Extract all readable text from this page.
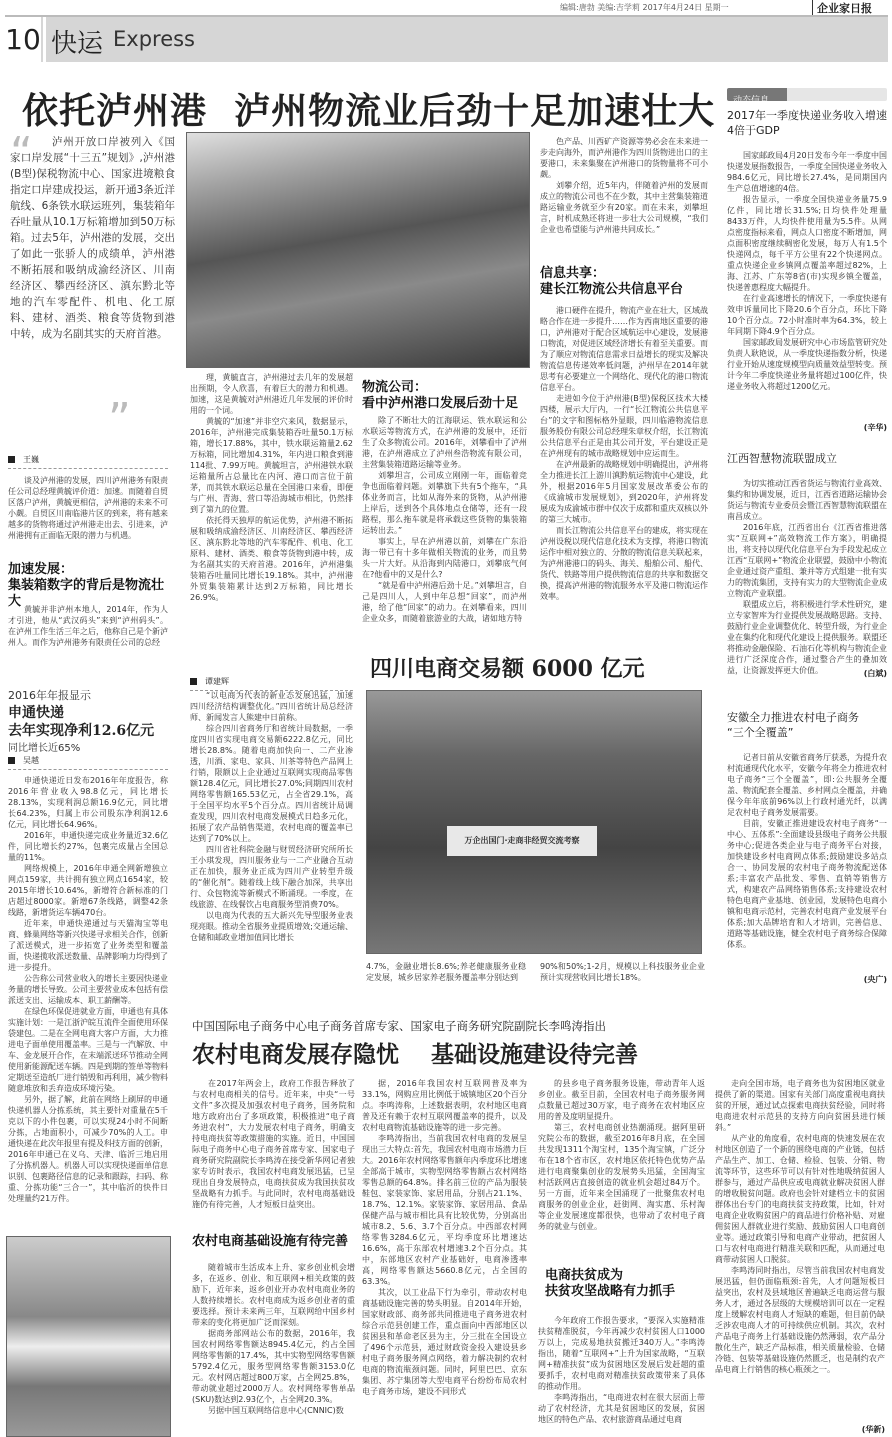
编辑:唐勃 美编:吉学莉 2017年4月24日 星期一	企业家日报
10 快运 Express
依托泸州港  泸州物流业后劲十足加速壮大
“	泸州开放口岸被列入《国家口岸发展“十三五”规划》,泸州港(B型)保税物流中心、国家进境粮食指定口岸建成投运，新开通3条近洋航线、6条铁水联运班列，集装箱年吞吐量从10.1万标箱增加到50万标箱。过去5年，泸州港的发展，交出了如此一张骄人的成绩单，泸州港不断拓展和吸纳成渝经济区、川南经济区、攀西经济区、滇东黔北等地的汽车零配件、机电、化工原料、建材、酒类、粮食等货物到港中转，成为名副其实的天府首港。
”
王巍

谈及泸州港的发展，四川泸州港务有限责任公司总经理黄毓评价道：加速。而随着自贸区落户泸州，黄毓更相信，泸州港的未来不可小觑。自贸区川南临港片区的到来，将有越来越多的货物将通过泸州港走出去、引进来，泸州港拥有正面临无限的潜力与机遇。

加速发展：
集装箱数字的背后是物流壮大

黄毓并非泸州本地人，2014年，作为人才引进，他从“武汉码头”来到“泸州码头”。在泸州工作生活三年之后，他称自己是个新泸州人。而作为泸州港务有限责任公司的总经

理，黄毓直言，泸州港过去几年的发展超出预期，令人欣喜，有着巨大的潜力和机遇。加速，这是黄毓对泸州港近几年发展的评价时用的一个词。

黄毓的“加速”并非空穴来风，数据显示，2016年，泸州港完成集装箱吞吐量50.1万标箱，增长17.88%，其中，铁水联运箱量2.62万标箱，同比增加4.31%，年内进口粮食到港114批、7.99万吨。黄毓坦言，泸州港铁水联运箱量所占总量比在内河、港口而言位于前茅，而其铁水联运总量在全国港口来看，即便与广州、青海、营口等沿海城市相比，仍然排到了第九的位置。

依托得天独厚的航运优势，泸州港不断拓展和吸纳成渝经济区、川南经济区、攀西经济区、滇东黔北等地的汽车零配件、机电、化工原料、建材、酒类、粮食等货物到港中转，成为名副其实的天府首港。2016年，泸州港集装箱吞吐量同比增长19.18%。其中，泸州港外贸集装箱累计达到2万标箱，同比增长26.9%。

物流公司：
看中泸州港口发展后劲十足

除了不断壮大的江海联运、铁水联运和公水联运等物流方式，在泸州港的发展中，还衍生了众多物流公司。2016年，刘攀看中了泸州港，在泸州港成立了泸州叁浩物流有限公司，主营集装箱道路运输等业务。

刘攀坦言，公司成立刚刚一年，面临着竞争也面临着问题。刘攀旗下共有5个拖车，“具体业务而言，比如从海外来的货物，从泸州港上岸后，送到各个具体地点仓储等，还有一段路程，那么拖车就是将承载这些货物的集装箱运转出去。”

事实上，早在泸州港以前，刘攀在广东沿海一带已有十多年做相关物流的业务，而且势头一片大好。从沿海到内陆港口，刘攀底气何在?他看中的又是什么?

“就是看中泸州港后劲十足。”刘攀坦言，自己是四川人，人到中年总想“回家”，而泸州港，给了他“回家”的动力。在刘攀看来，四川企业众多，而随着旅游业的大战，诸如地方特

色产品、川西矿产资源等势必会在未来进一步走向海外，而泸州港作为四川货物进出口的主要港口，未来集聚在泸州港口的货物量将不可小觑。

刘攀介绍，近5年内，伴随着泸州的发展而成立的物流公司也不在少数，其中主营集装箱道路运输业务就至少有20家。而在未来，刘攀坦言，时机成熟还将进一步壮大公司规模，“我们企业也希望能与泸州港共同成长。”

信息共享：
建长江物流公共信息平台

港口硬件在提升，物流产业在壮大，区域战略合作在进一步提升……作为西南地区重要的港口，泸州港对于配合区域航运中心建设，发展港口物流，对促进区域经济增长有着至关重要。而为了顺应对物流信息需求日益增长的现实及解决物流信息传递效率低问题，泸州早在2014年就思考有必要建立一个网络化、现代化的港口物流信息平台。

走进如今位于泸州港(B型)保税区技术大楼四楼，展示大厅内，一行“长江物流公共信息平台”的文字和图标格外显眼，四川临港物流信息服务股份有限公司总经理朱章权介绍，长江物流公共信息平台正是由其公司开发，平台建设正是在泸州现有的城市战略规划中应运而生。

在泸州最新的战略规划中明确提出，泸州将全力推进长江上游川滇黔航运物流中心建设，此外，根据2016年5月国家发展改革委公布的《成渝城市发展规划》，到2020年，泸州将发展成为成渝城市群中仅次于成都和重庆双核以外的第三大城市。

而长江物流公共信息平台的建成，将实现在泸州设税以现代信息化技术为支撑，将港口物流运作中相对独立的、分散的物流信息关联起来，为泸州港港口的码头、海关、船舶公司、船代、货代、铁路等用户提供物流信息的共享和数据交换，提高泸州港的物流服务水平及港口物流运作效率。

2016年年报显示
申通快递
去年实现净利12.6亿元
同比增长近65%
吴越

申通快递近日发布2016年年度报告，称2016年营业收入98.8亿元，同比增长28.13%，实现利润总额16.9亿元，同比增长64.23%，归属上市公司股东净利润12.6亿元，同比增长64.96%。

2016年，申通快递完成业务量近32.6亿件，同比增长约27%，包裹完成量占全国总量的11%。

网络规模上，2016年申通全网新增独立网点159家，共计拥有独立网点1654家，较2015年增长10.64%，新增符合新标准的门店超过8000家。新增67条线路，调整42条线路，新增货运车辆470台。

近年来，申通快递通过与天猫淘宝等电商、蜂巢网络等新兴快递寻求相关合作，创新了派送模式，进一步拓宽了业务类型和覆盖面，快递揽收派送数量、品牌影响力均得到了进一步提升。

公告称公司营业收入的增长主要因快递业务量的增长导致。公司主要营业成本包括有偿派送支出、运输成本、职工薪酬等。

在绿色环保促进就业方面，申通也有具体实施计划：一是江浙沪皖互流件全面使用环保袋建包。二是在全网电商大客户方面，大力推进电子面单使用覆盖率。三是与一汽解放、中车、金龙展开合作，在末端派送环节推动全网使用新能源配送车辆。四是到期的签单等物料定期送至造纸厂进行销毁和再利用，减少物料随意堆放和丢弃造成环境污染。

另外，据了解，此前在网络上刷屏的申通快递机器人分拣系统，其主要针对重量在5千克以下的小件包裹，可以实现24小时不间断分拣，占地面积小，可减少70%的人工。申通快递在此次年报里有提及科技方面的创新，2016年申通已在义乌、天津、临沂三地启用了分拣机器人。机器人可以实现快递面单信息识别、包裹路径信息的记录和跟踪，扫码、称重、分拣功能“三合一”，其中临沂的快件日处理量约21万件。

谭建辉

“以电商为代表的新业态发展迅猛，加速四川经济结构调整优化。”四川省统计局总经济师、新闻发言人熊建中日前称。

综合四川省商务厅和省统计局数据，一季度四川省实现电商交易额6222.8亿元，同比增长28.8%。随着电商加快向一、二产业渗透，川酒、家电、家具、川茶等特色产品网上行销，限额以上企业通过互联网实现商品零售额128.4亿元，同比增长27.0%;同期四川农村网络零售额165.53亿元，占全省29.1%，高于全国平均水平5个百分点。四川省统计局调查发现，四川农村电商发展模式日趋多元化，拓展了农产品销售渠道，农村电商的覆盖率已达到了70%以上。

四川省社科院金融与财贸经济研究所所长王小琪发现，四川服务业与一二产业融合互动正在加快，服务业正成为四川产业转型升级的“催化剂”。随着线上线下融合加深，共享出行、众包物流等新模式不断涌现。一季度，在线旅游、在线餐饮占电商服务型消费70%。

以电商为代表的五大新兴先导型服务业表现亮眼。推动全省服务业提质增效;交通运输、仓储和邮政业增加值同比增长

四川电商交易额 6000 亿元
万企出国门·走商非经贸交流考察

4.7%，金融业增长8.6%;养老健康服务业稳定发展，城乡居家养老服务覆盖率分别达到

90%和50%;1-2月，规模以上科技服务业企业预计实现营收同比增长18%。

动态信息
2017年一季度快递业务收入增速4倍于GDP

国家邮政局4月20日发布今年一季度中国快递发展指数报告，一季度全国快递业务收入984.6亿元，同比增长27.4%，是同期国内生产总值增速的4倍。

报告显示，一季度全国快递业务量75.9亿件，同比增长31.5%;日均快件处理量8433万件，人均快件使用量为5.5件。从网点密度指标来看，网点人口密度不断增加，网点面积密度继续稠密化发展，每万人有1.5个快递网点，每千平方公里有22个快递网点。重点快递企业乡镇网点覆盖率超过82%，上海、江苏、广东等8省(市)实现乡镇全覆盖，快递普惠程度大幅提升。

在行业高速增长的情况下，一季度快递有效申诉量同比下降20.6个百分点，环比下降10个百分点。72小时准时率为64.3%，较上年同期下降4.9个百分点。

国家邮政局发展研究中心市场监管研究处负责人耿艳说，从一季度快递指数分析，快递行业开始从速度规模型向质量效益型转变。预计今年二季度快递业务量将超过100亿件，快递业务收入将超过1200亿元。

(辛华)
江西智慧物流联盟成立

为切实推动江西省货运与物流行业高效、集约和协调发展，近日，江西省道路运输协会货运与物流专业委员会暨江西智慧物流联盟在南昌成立。

2016年底，江西省出台《江西省推进落实“互联网+”高效物流工作方案》，明确提出，将支持以现代化信息平台为手段发起成立江西“互联网+”物流企业联盟，鼓励中小物流企业通过资产重组、兼并等方式组建一批有实力的物流集团，支持有实力的大型物流企业成立物流产业联盟。

联盟成立后，将积极进行学术性研究，建立专家智库为行业提供发展战略思路。支持、鼓励行业企业调整优化、转型升级，为行业企业在集约化和现代化建设上提供服务。联盟还将推动金融保险、石油石化等机构与物流企业进行广泛深度合作，通过整合产生的叠加效益，让资源发挥更大价值。	(白斌)
安徽全力推进农村电子商务
“三个全覆盖”

记者日前从安徽省商务厅获悉，为提升农村流通现代化水平，安徽今年将全力推进农村电子商务“三个全覆盖”，即:公共服务全覆盖、物流配套全覆盖、乡村网点全覆盖，并确保今年年底前96%以上行政村通光纤，以满足农村电子商务发展需要。

目前，安徽正推进建设农村电子商务“一中心、五体系”:全面建设县级电子商务公共服务中心;促进各类企业与电子商务平台对接，加快建设乡村电商网点体系;鼓励建设多站点合一、协同发展的农村电子商务物流配送体系;丰富农产品批发、零售、直销等销售方式，构建农产品网络销售体系;支持建设农村特色电商产业基地、创业园，发展特色电商小镇和电商示范村，完善农村电商产业发展平台体系;加大品牌培育和人才培训，完善信息、道路等基础设施，健全农村电子商务综合保障体系。

(央广)
中国国际电子商务中心电子商务首席专家、国家电子商务研究院副院长李鸣涛指出
农村电商发展存隐忧    基础设施建设待完善

在2017年两会上，政府工作报告释放了与农村电商相关的信号。近年来，中央“一号文件”多次提及加强农村电子商务，国务院和地方政府出台了多项政策，积极推进“电子商务进农村”，大力发展农村电子商务，明确支持电商扶贫等政策措施的实施。近日，中国国际电子商务中心电子商务首席专家、国家电子商务研究院副院长李鸣涛在接受新华网记者独家专访时表示，我国农村电商发展迅猛，已呈现出自身发展特点，电商扶贫成为我国扶贫攻坚战略有力抓手。与此同时，农村电商基础设施仍有待完善，人才短板日益突出。

农村电商基础设施有待完善

随着城市生活成本上升、家乡创业机会增多，在返乡、创业、和互联网+相关政策的鼓励下，近年来，返乡创业开办农村电商业务的人数持续增长。农村电商成为返乡创业者的重要选择。预计未来两三年，互联网给中国乡村带来的变化将更加广泛而深刻。

据商务部网站公布的数据，2016年，我国农村网络零售额达8945.4亿元，约占全国网络零售额的17.4%，其中实物型网络零售额5792.4亿元，服务型网络零售额3153.0亿元。农村网店超过800万家，占全网25.8%，带动就业超过2000万人。农村网络零售单品(SKU)数达到2.93亿个，占全网20.3%。

另据中国互联网络信息中心(CNNIC)数

据，2016年我国农村互联网普及率为33.1%，网购应用比例低于城镇地区20个百分点。李鸣涛称，上述数据表明，农村地区电商普及还有赖于农村互联网覆盖率的提升，以及农村电商物流基础设施等的进一步完善。

李鸣涛指出，当前我国农村电商的发展呈现出三大特点:首先，我国农村电商市场潜力巨大。2016年农村网络零售额年内季度环比增速全部高于城市，实物型网络零售额占农村网络零售总额的64.8%。排名前三位的产品为服装鞋包、家装家饰、家居用品，分别占21.1%、18.7%、12.1%。家装家饰、家居用品、食品保健产品与城市相比具有比较优势，分别高出城市8.2、5.6、3.7个百分点。中西部农村网络零售3284.6亿元，平均季度环比增速达16.6%，高于东部农村增速3.2个百分点。其中，东部地区农村产业基础好，电商渗透率高，网络零售额达5660.8亿元，占全国的63.3%。

其次，以工业品下行为牵引，带动农村电商基础设施完善的势头明显。自2014年开始，国家财政部、商务部共同推进电子商务进农村综合示范县创建工作，重点面向中西部地区以贫困县和革命老区县为主，分三批在全国设立了496个示范县，通过财政资金投入建设县乡村电子商务服务网点网络，着力解决制约农村电商的物流瓶颈问题。同时，阿里巴巴、京东集团、苏宁集团等大型电商平台纷纷布局农村电子商务市场，建设不同形式

的县乡电子商务服务设施，带动青年人返乡创业。截至目前，全国农村电子商务服务网点数量已超过30万家，电子商务在农村地区应用的普及度明显提升。

第三，农村电商创业热潮涌现。据阿里研究院公布的数据，截至2016年8月底，在全国共发现1311个淘宝村，135个淘宝镇，广泛分布在18个省市区，农村地区依托特色优势产品进行电商聚集创业的发展势头迅猛，全国淘宝村活跃网店直接创造的就业机会超过84万个。另一方面，近年来全国涌现了一批聚焦农村电商服务的创业企业，赶街网、淘实惠、乐村淘等企业发展速度都很快，也带动了农村电子商务的就业与创业。

电商扶贫成为
扶贫攻坚战略有力抓手

今年政府工作报告要求，“要深入实施精准扶贫精准脱贫，今年再减少农村贫困人口1000万以上，完成易地扶贫搬迁340万人。”李鸣涛指出，随着“互联网+”上升为国家战略，“互联网+精准扶贫”成为贫困地区发展后发赶超的重要抓手，农村电商对精准扶贫政策带来了具体的推动作用。

李鸣涛指出，“电商进农村在很大层面上带动了农村经济，尤其是贫困地区的发展，贫困地区的特色产品、农村旅游商品通过电商

走向全国市场，电子商务也为贫困地区就业提供了新的渠道。国家有关部门高度重视电商扶贫的开展，通过试点探索电商扶贫经验，同时将电商进农村示范县的支持方向向贫困县进行倾斜。”

从产业的角度看，农村电商的快速发展在农村地区创造了一个新的围绕电商的产业链，包括产品生产、加工、仓储、检验、包装、分销、物流等环节，这些环节可以有针对性地吸纳贫困人群参与，通过产品供应或电商就业解决贫困人群的增收脱贫问题。政府也会针对建档立卡的贫困群体出台专门的电商扶贫支持政策，比如，针对电商企业收购贫困户的商品进行价格补贴、对雇佣贫困人群就业进行奖励、鼓励贫困人口电商创业等。通过政策引导和电商产业带动，把贫困人口与农村电商进行精准关联和匹配，从而通过电商带动贫困人口脱贫。

李鸣涛同时指出，尽管当前我国农村电商发展迅猛，但仍面临瓶颈:首先，人才问题短板日益突出，农村及县域地区普遍缺乏电商运营与服务人才，通过各层级的大规模培训可以在一定程度上缓解农村电商人才短缺的难题，但目前仍缺乏涉农电商人才的可持续供应机制。其次，农村产品电子商务上行基础设施仍然薄弱，农产品分散化生产，缺乏产品标准，相关质量检验、仓储冷链、包装等基础设施仍然匮乏，也是制约农产品电商上行销售的核心瓶颈之一。

(华新)
